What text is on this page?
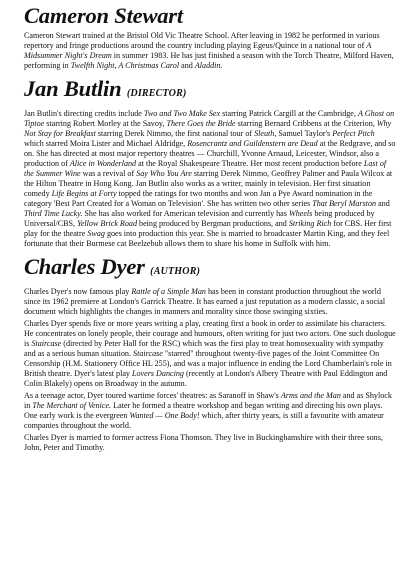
Cameron Stewart

Cameron Stewart trained at the Bristol Old Vic Theatre School. After leaving in 1982 he performed in various repertory and fringe productions around the country including playing Egeus/Quince in a national tour of A Midsummer Night's Dream in summer 1983. He has just finished a season with the Torch Theatre, Milford Haven, performing in Twelfth Night, A Christmas Carol and Aladdin.

Jan Butlin (DIRECTOR)

Jan Butlin's directing credits include Two and Two Make Sex starring Patrick Cargill at the Cambridge, A Ghost on Tiptoe starring Robert Morley at the Savoy, There Goes the Bride starring Bernard Cribbens at the Criterion, Why Not Stay for Breakfast starring Derek Nimmo, the first national tour of Sleuth, Samuel Taylor's Perfect Pitch which starred Moira Lister and Michael Aldridge, Rosencrantz and Guildenstern are Dead at the Redgrave, and so on. She has directed at most major repertory theatres — Churchill, Yvonne Arnaud, Leicester, Windsor, also a production of Alice in Wonderland at the Royal Shakespeare Theatre. Her most recent production before Last of the Summer Wine was a revival of Say Who You Are starring Derek Nimmo, Geoffrey Palmer and Paula Wilcox at the Hilton Theatre in Hong Kong. Jan Butlin also works as a writer, mainly in television. Her first situation comedy Life Begins at Forty topped the ratings for two months and won Jan a Pye Award nomination in the category 'Best Part Created for a Woman on Television'. She has written two other series That Beryl Marston and Third Time Lucky. She has also worked for American television and currently has Wheels being produced by Universal/CBS, Yellow Brick Road being produced by Bergman productions, and Striking Rich for CBS. Her first play for the theatre Swag goes into production this year. She is married to broadcaster Martin King, and they feel fortunate that their Burmese cat Beelzebub allows them to share his home in Suffolk with him.

Charles Dyer (AUTHOR)

Charles Dyer's now famous play Rattle of a Simple Man has been in constant production throughout the world since its 1962 premiere at London's Garrick Theatre. It has earned a just reputation as a modern classic, a social document which highlights the changes in manners and morality since those swinging sixties.

Charles Dyer spends five or more years writing a play, creating first a book in order to assimilate his characters. He concentrates on lonely people, their courage and humours, often writing for just two actors. One such duologue is Staircase (directed by Peter Hall for the RSC) which was the first play to treat homosexuality with sympathy and as a serious human situation. Staircase "starred" throughout twenty-five pages of the Joint Committee On Censorship (H.M. Stationery Office HL 255), and was a major influence in ending the Lord Chamberlain's role in British theatre. Dyer's latest play Lovers Dancing (recently at London's Albery Theatre with Paul Eddington and Colin Blakely) opens on Broadway in the autumn.

As a teenage actor, Dyer toured wartime forces' theatres: as Saranoff in Shaw's Arms and the Man and as Shylock in The Merchant of Venice. Later he formed a theatre workshop and began writing and directing his own plays. One early work is the evergreen Wanted — One Body! which, after thirty years, is still a favourite with amateur companies throughout the world.

Charles Dyer is married to former actress Fiona Thomson. They live in Buckinghamshire with their three sons, John, Peter and Timothy.
